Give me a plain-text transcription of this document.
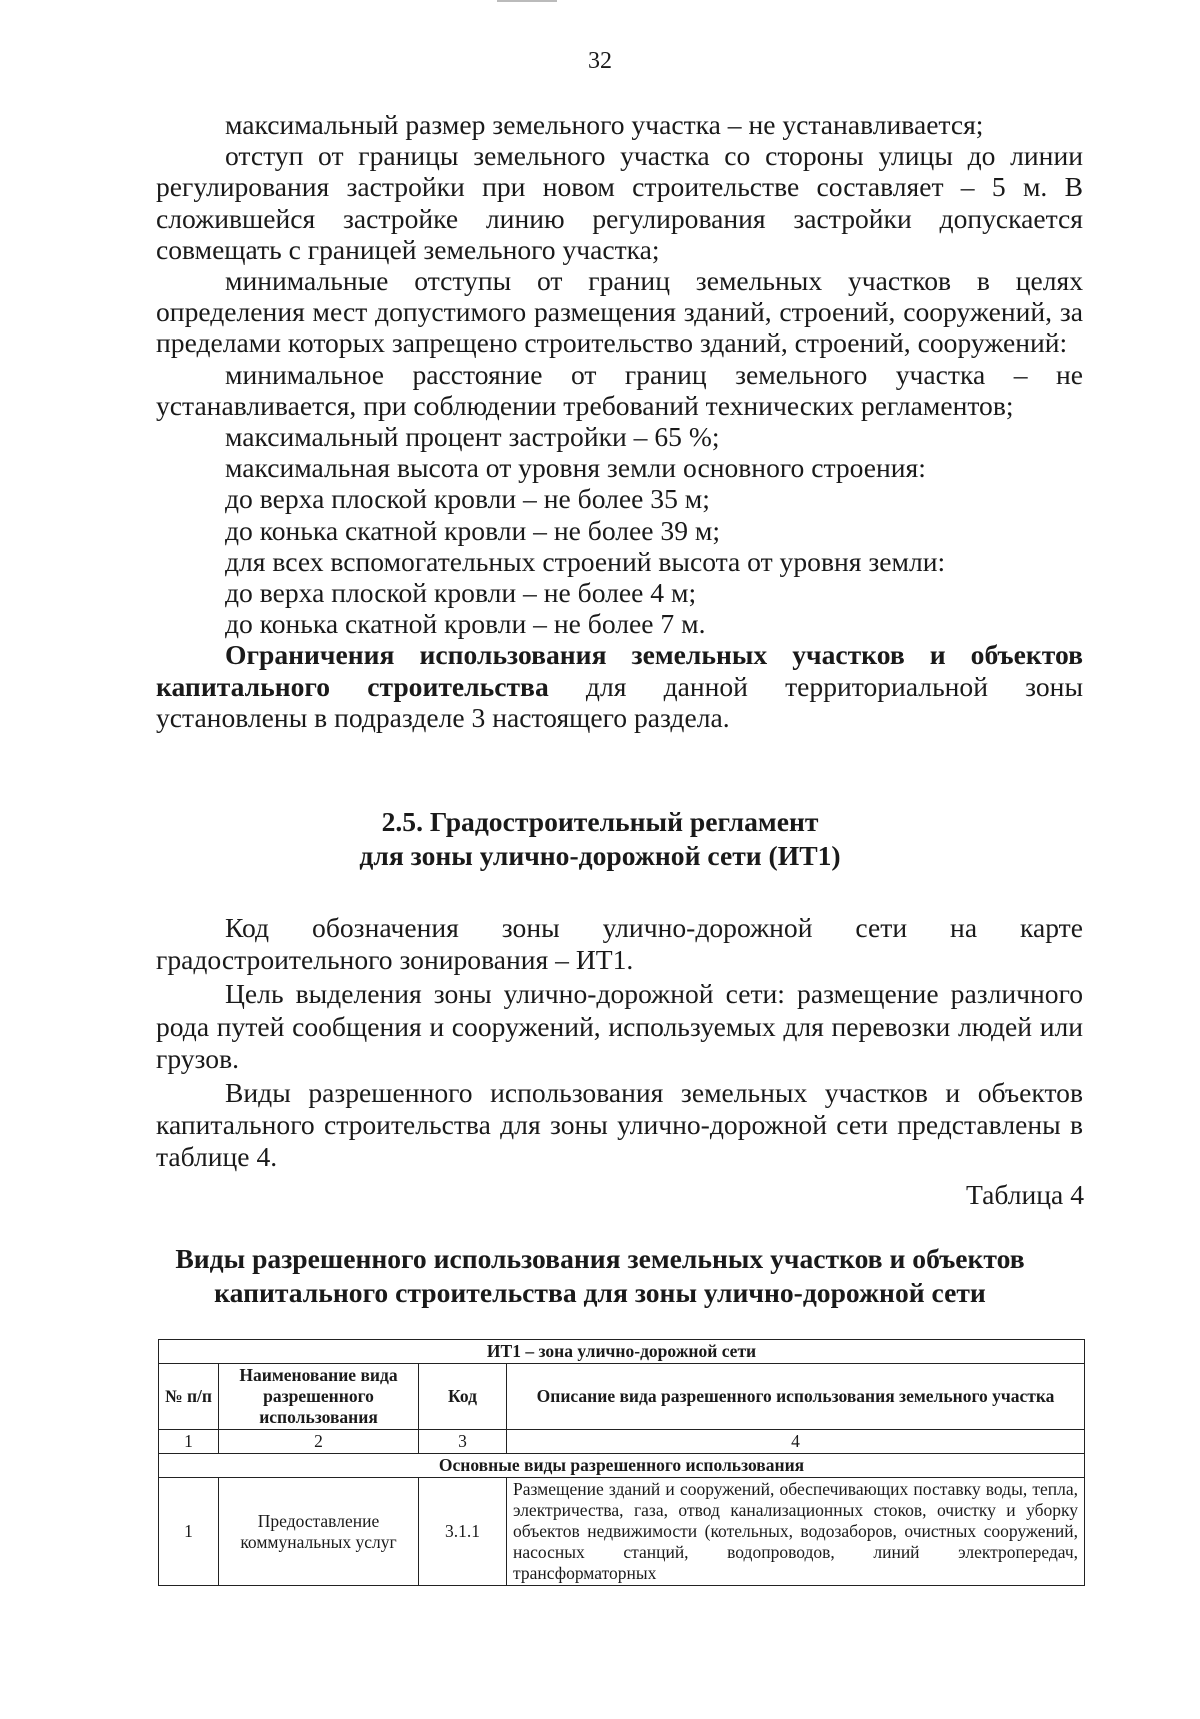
32

максимальный размер земельного участка – не устанавливается;

отступ от границы земельного участка со стороны улицы до линии регулирования застройки при новом строительстве составляет – 5 м. В сложившейся застройке линию регулирования застройки допускается совмещать с границей земельного участка;

минимальные отступы от границ земельных участков в целях определения мест допустимого размещения зданий, строений, сооружений, за пределами которых запрещено строительство зданий, строений, сооружений:

минимальное расстояние от границ земельного участка – не устанавливается, при соблюдении требований технических регламентов;

максимальный процент застройки – 65 %;

максимальная высота от уровня земли основного строения:

до верха плоской кровли – не более 35 м;

до конька скатной кровли – не более 39 м;

для всех вспомогательных строений высота от уровня земли:

до верха плоской кровли – не более 4 м;

до конька скатной кровли – не более 7 м.

Ограничения использования земельных участков и объектов капитального строительства для данной территориальной зоны установлены в подразделе 3 настоящего раздела.

2.5. Градостроительный регламент
для зоны улично-дорожной сети (ИТ1)

Код обозначения зоны улично-дорожной сети на карте градостроительного зонирования – ИТ1.

Цель выделения зоны улично-дорожной сети: размещение различного рода путей сообщения и сооружений, используемых для перевозки людей или грузов.

Виды разрешенного использования земельных участков и объектов капитального строительства для зоны улично-дорожной сети представлены в таблице 4.

Таблица 4
Виды разрешенного использования земельных участков и объектов
капитального строительства для зоны улично-дорожной сети
ИТ1 – зона улично-дорожной сети			
№ п/п	Наименование вида разрешенного использования	Код	Описание вида разрешенного использования земельного участка
1	2	3	4
Основные виды разрешенного использования			
1	Предоставление коммунальных услуг	3.1.1	Размещение зданий и сооружений, обеспечивающих поставку воды, тепла, электричества, газа, отвод канализационных стоков, очистку и уборку объектов недвижимости (котельных, водозаборов, очистных сооружений, насосных станций, водопроводов, линий электропередач, трансформаторных
